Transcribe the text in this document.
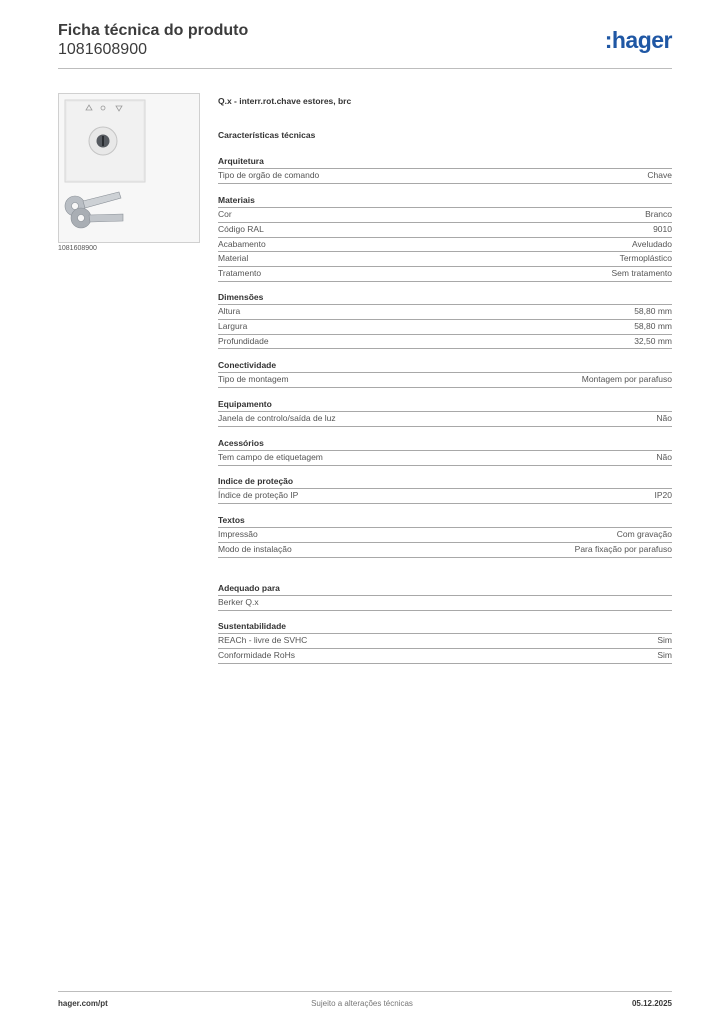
Ficha técnica do produto
1081608900	:hager
1081608900
Q.x - interr.rot.chave estores, brc
Características técnicas
Arquitetura
Tipo de orgão de comando	Chave
Materiais
Cor	Branco
Código RAL	9010
Acabamento	Aveludado
Material	Termoplástico
Tratamento	Sem tratamento
Dimensões
Altura	58,80 mm
Largura	58,80 mm
Profundidade	32,50 mm
Conectividade
Tipo de montagem	Montagem por parafuso
Equipamento
Janela de controlo/saída de luz	Não
Acessórios
Tem campo de etiquetagem	Não
Indice de proteção
Índice de proteção IP	IP20
Textos
Impressão	Com gravação
Modo de instalação	Para fixação por parafuso
Adequado para
Berker Q.x
Sustentabilidade
REACh - livre de SVHC	Sim
Conformidade RoHs	Sim
hager.com/pt	Sujeito a alterações técnicas	05.12.2025
